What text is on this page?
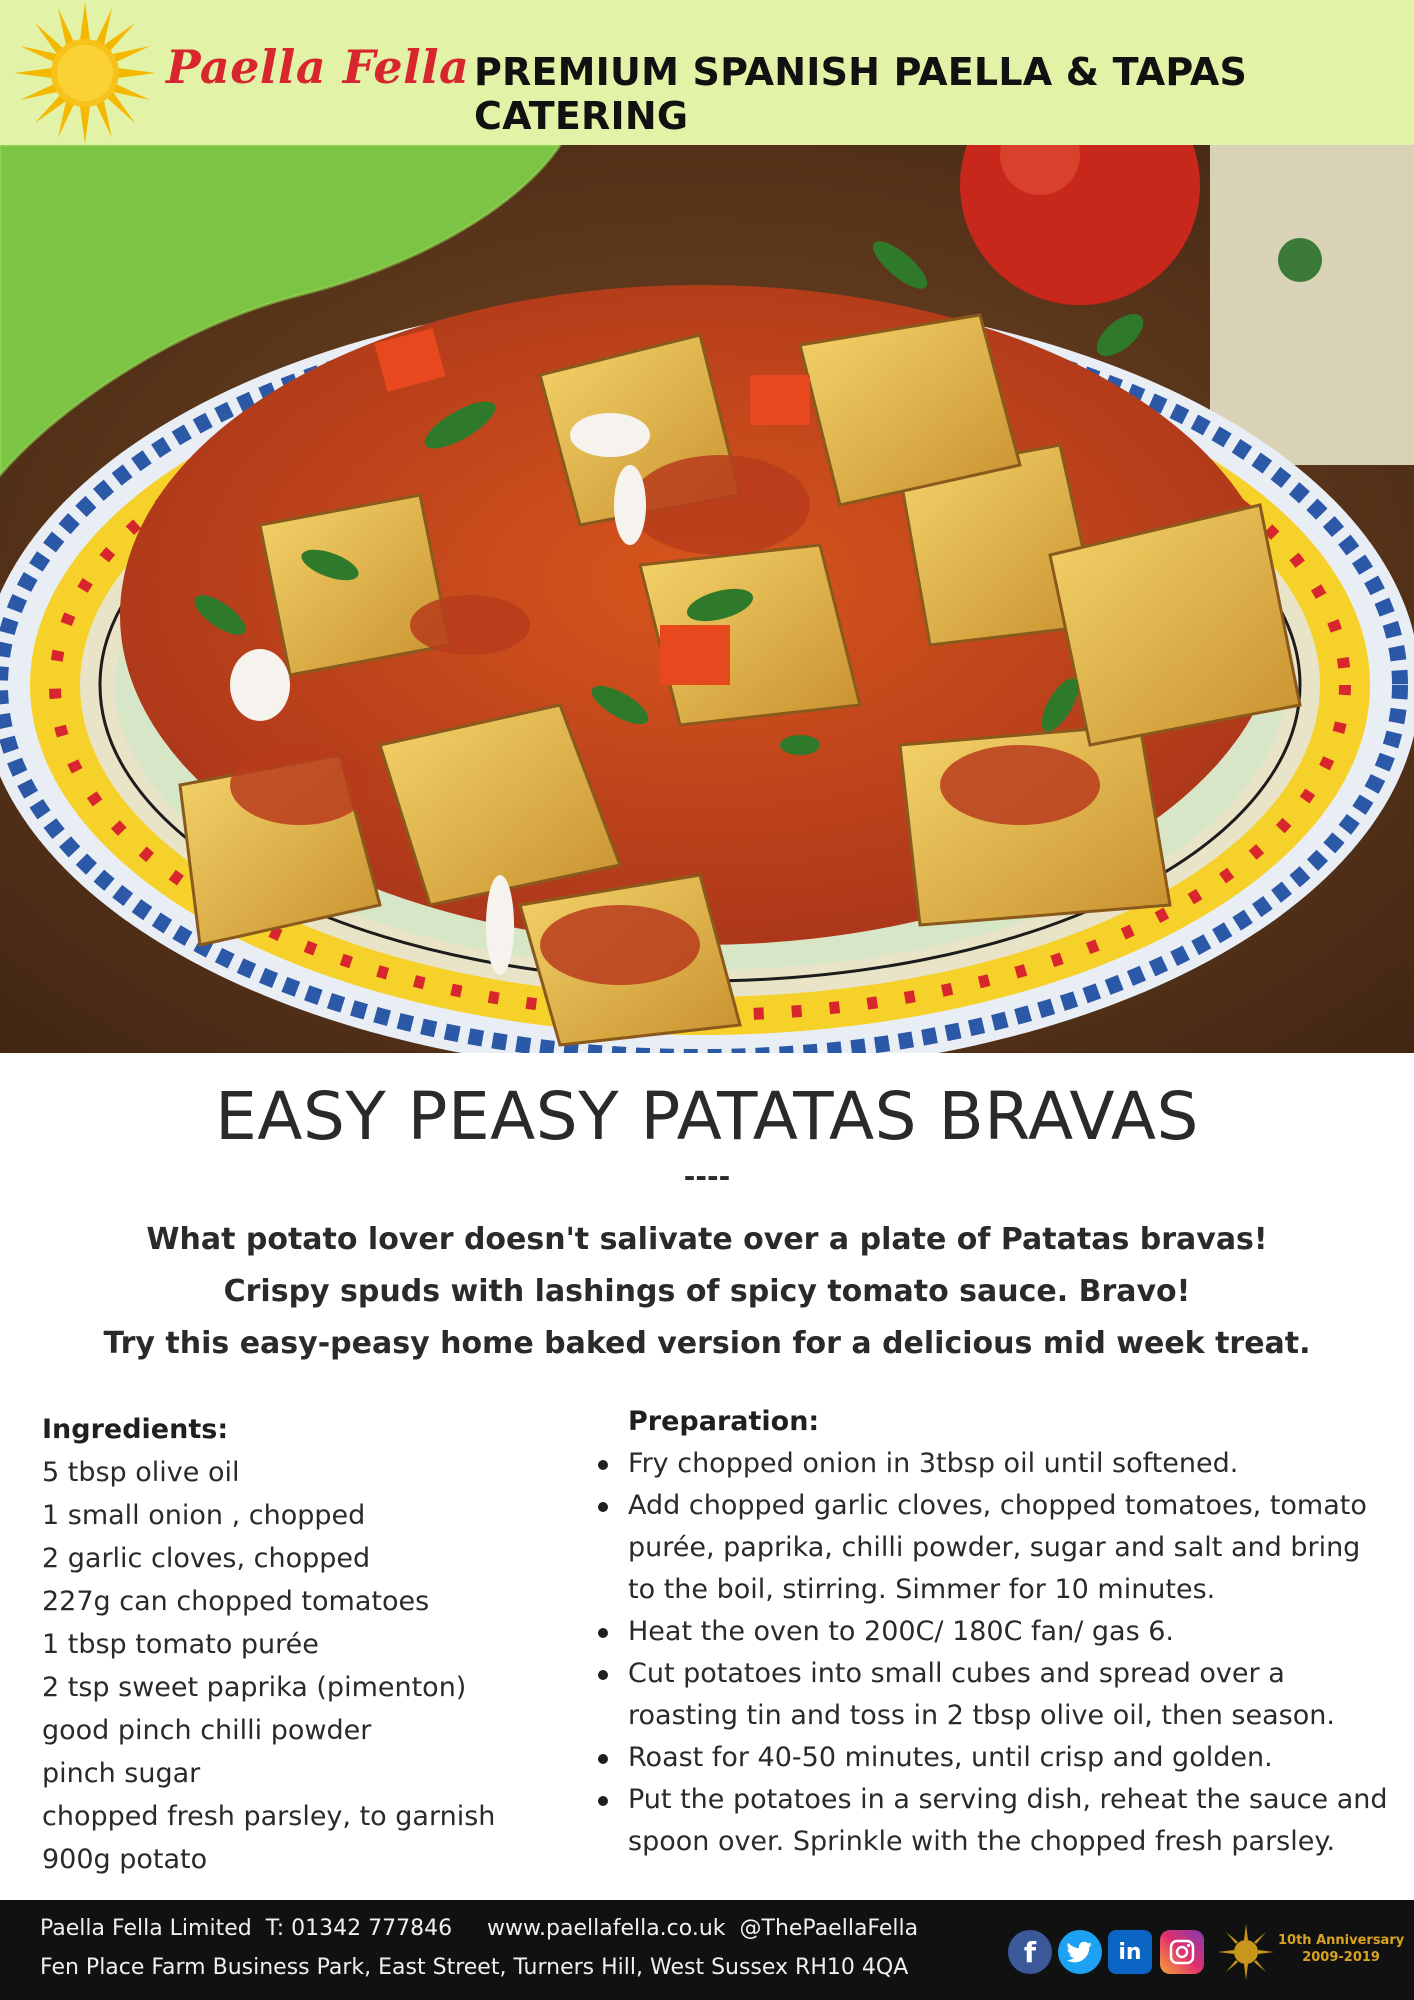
Paella Fella PREMIUM SPANISH PAELLA & TAPAS CATERING
EASY PEASY PATATAS BRAVAS
----

What potato lover doesn't salivate over a plate of Patatas bravas!

Crispy spuds with lashings of spicy tomato sauce. Bravo!

Try this easy-peasy home baked version for a delicious mid week treat.

Ingredients:
5 tbsp olive oil
1 small onion , chopped
2 garlic cloves, chopped
227g can chopped tomatoes
1 tbsp tomato purée
2 tsp sweet paprika (pimenton)
good pinch chilli powder
pinch sugar
chopped fresh parsley, to garnish
900g potato
Preparation:
Fry chopped onion in 3tbsp oil until softened.
Add chopped garlic cloves, chopped tomatoes, tomato purée, paprika, chilli powder, sugar and salt and bring to the boil, stirring. Simmer for 10 minutes.
Heat the oven to 200C/ 180C fan/ gas 6.
Cut potatoes into small cubes and spread over a roasting tin and toss in 2 tbsp olive oil, then season.
Roast for 40-50 minutes, until crisp and golden.
Put the potatoes in a serving dish, reheat the sauce and spoon over. Sprinkle with the chopped fresh parsley.
Paella Fella Limited  T: 01342 777846     www.paellafella.co.uk  @ThePaellaFella
Fen Place Farm Business Park, East Street, Turners Hill, West Sussex RH10 4QA	f	in	10th Anniversary
2009-2019
